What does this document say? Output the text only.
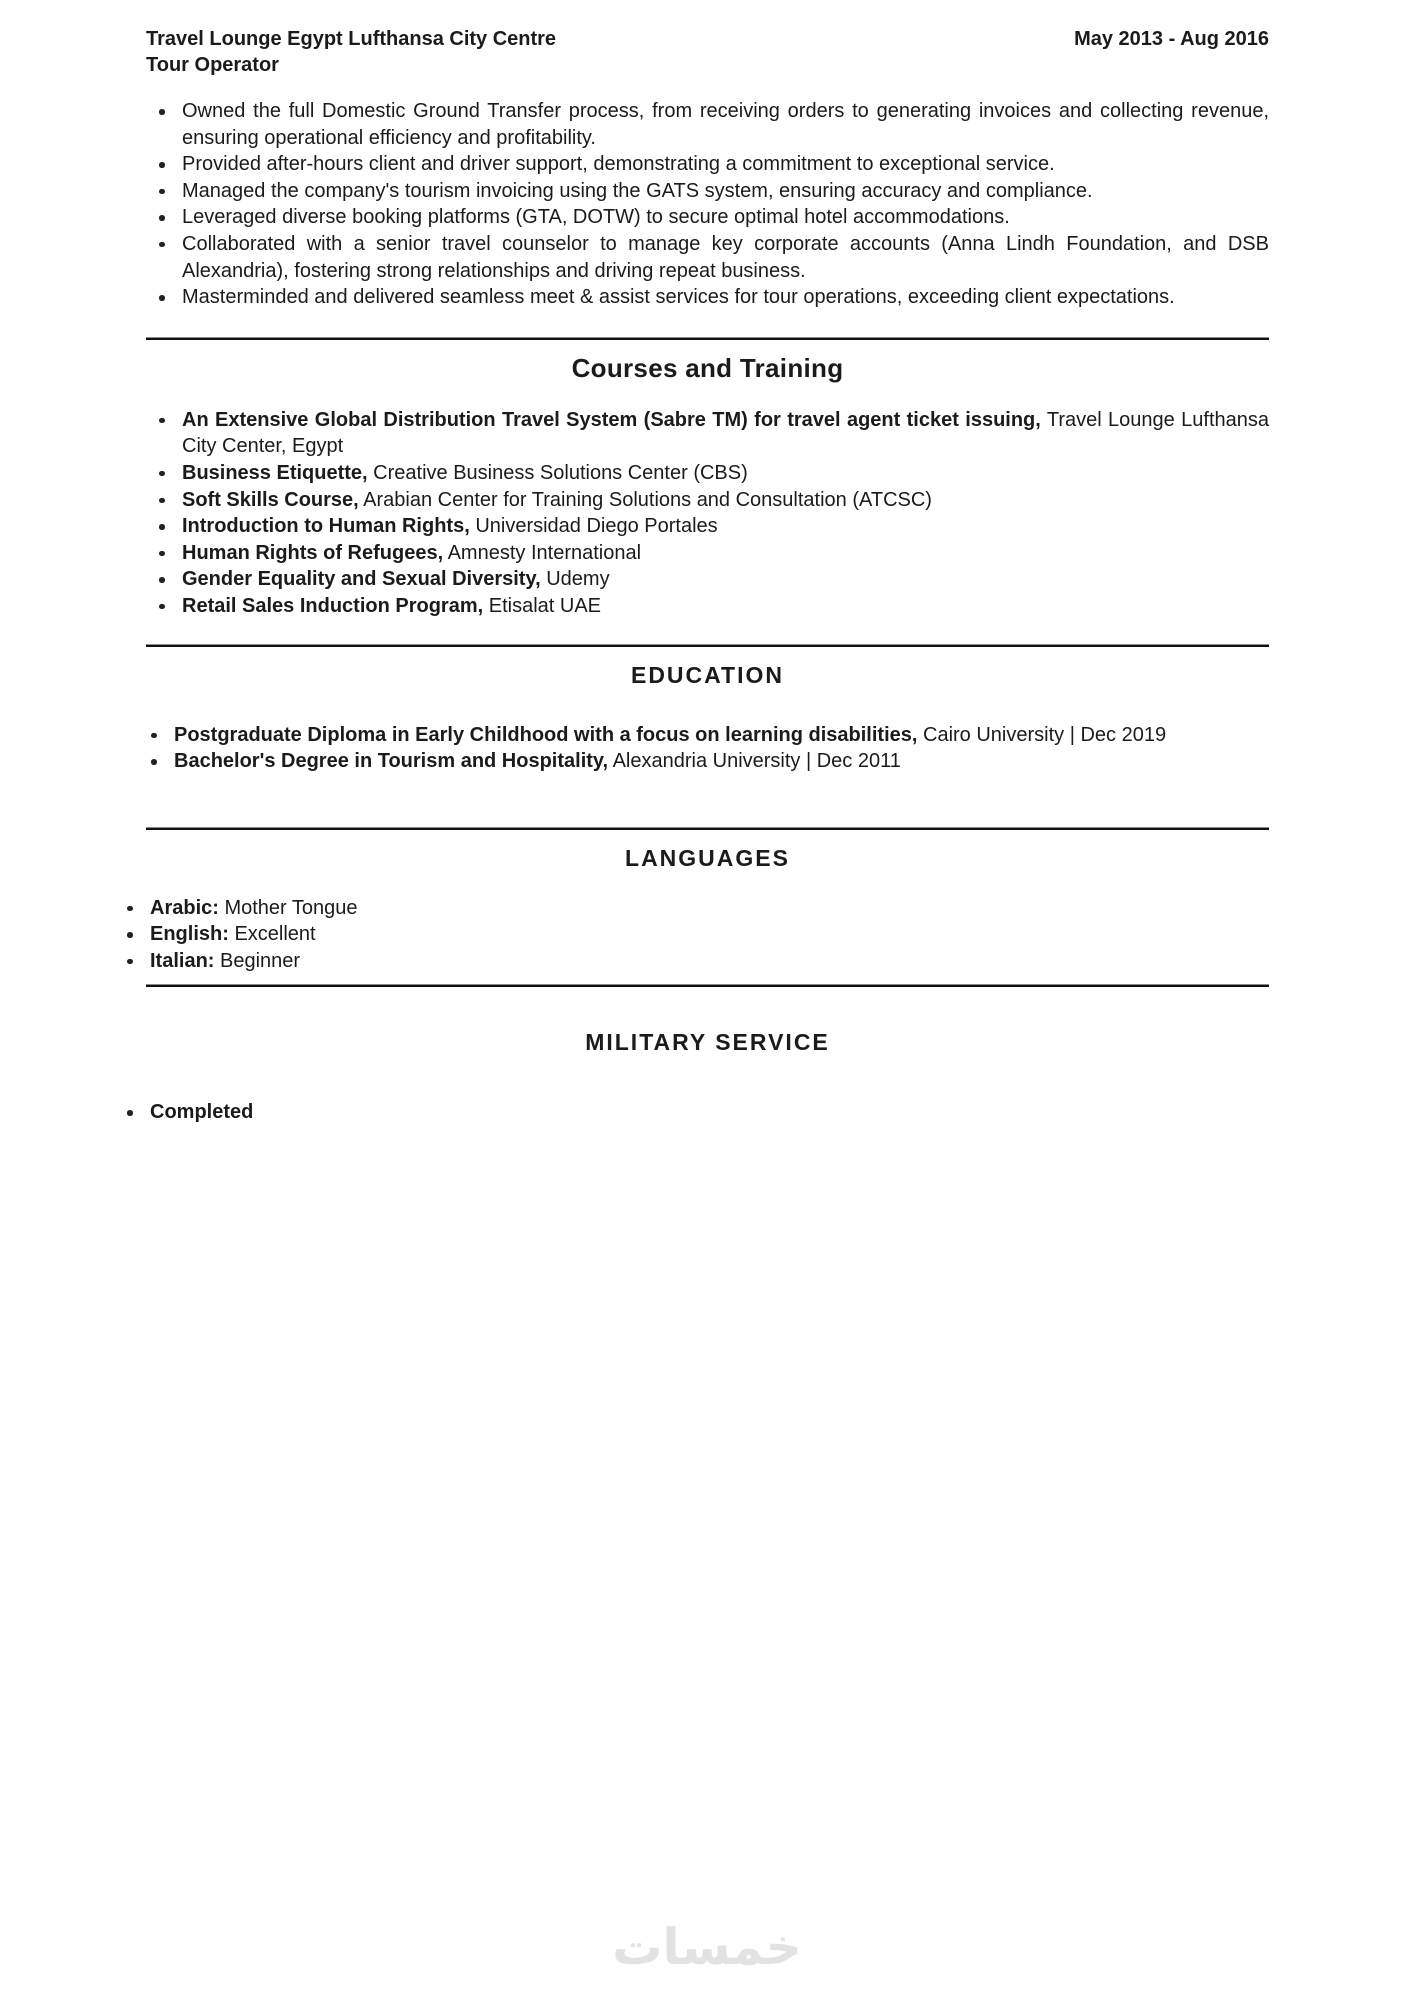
Travel Lounge Egypt Lufthansa City Centre
Tour Operator
May 2013 - Aug 2016
Owned the full Domestic Ground Transfer process, from receiving orders to generating invoices and collecting revenue, ensuring operational efficiency and profitability.
Provided after-hours client and driver support, demonstrating a commitment to exceptional service.
Managed the company's tourism invoicing using the GATS system, ensuring accuracy and compliance.
Leveraged diverse booking platforms (GTA, DOTW) to secure optimal hotel accommodations.
Collaborated with a senior travel counselor to manage key corporate accounts (Anna Lindh Foundation, and DSB Alexandria), fostering strong relationships and driving repeat business.
Masterminded and delivered seamless meet & assist services for tour operations, exceeding client expectations.
Courses and Training
An Extensive Global Distribution Travel System (Sabre TM) for travel agent ticket issuing, Travel Lounge Lufthansa City Center, Egypt
Business Etiquette, Creative Business Solutions Center (CBS)
Soft Skills Course, Arabian Center for Training Solutions and Consultation (ATCSC)
Introduction to Human Rights, Universidad Diego Portales
Human Rights of Refugees, Amnesty International
Gender Equality and Sexual Diversity, Udemy
Retail Sales Induction Program, Etisalat UAE
EDUCATION
Postgraduate Diploma in Early Childhood with a focus on learning disabilities, Cairo University | Dec 2019
Bachelor's Degree in Tourism and Hospitality, Alexandria University | Dec 2011
LANGUAGES
Arabic: Mother Tongue
English: Excellent
Italian: Beginner
MILITARY SERVICE
Completed
خمسات
